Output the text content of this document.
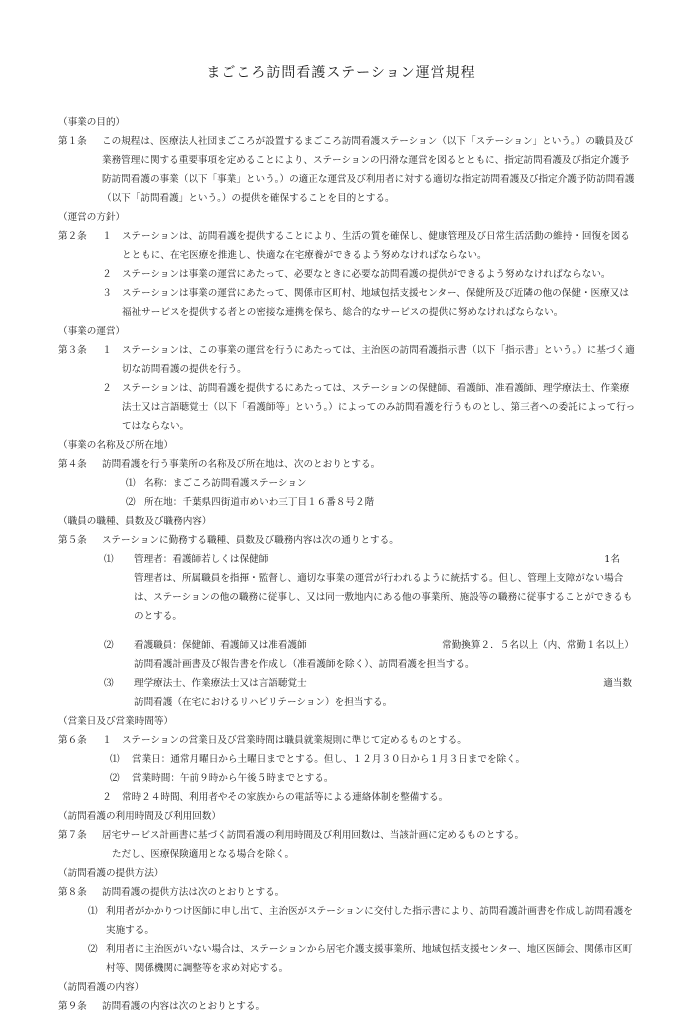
まごころ訪問看護ステーション運営規程
（事業の目的）
第１条	この規程は、医療法人社団まごころが設置するまごころ訪問看護ステーション（以下「ステーション」という。）の職員及び業務管理に関する重要事項を定めることにより、ステーションの円滑な運営を図るとともに、指定訪問看護及び指定介護予防訪問看護の事業（以下「事業」という。）の適正な運営及び利用者に対する適切な指定訪問看護及び指定介護予防訪問看護（以下「訪問看護」という。）の提供を確保することを目的とする。
（運営の方針）
第２条	１	ステーションは、訪問看護を提供することにより、生活の質を確保し、健康管理及び日常生活活動の維持・回復を図るとともに、在宅医療を推進し、快適な在宅療養ができるよう努めなければならない。
２	ステーションは事業の運営にあたって、必要なときに必要な訪問看護の提供ができるよう努めなければならない。
３	ステーションは事業の運営にあたって、関係市区町村、地域包括支援センター、保健所及び近隣の他の保健・医療又は福祉サービスを提供する者との密接な連携を保ち、総合的なサービスの提供に努めなければならない。
（事業の運営）
第３条	１	ステーションは、この事業の運営を行うにあたっては、主治医の訪問看護指示書（以下「指示書」という。）に基づく適切な訪問看護の提供を行う。
２	ステーションは、訪問看護を提供するにあたっては、ステーションの保健師、看護師、准看護師、理学療法士、作業療法士又は言語聴覚士（以下「看護師等」という。）によってのみ訪問看護を行うものとし、第三者への委託によって行ってはならない。
（事業の名称及び所在地）
第４条	訪問看護を行う事業所の名称及び所在地は、次のとおりとする。
⑴ 名称：まごころ訪問看護ステーション
⑵ 所在地：千葉県四街道市めいわ三丁目１６番８号２階
（職員の職種、員数及び職務内容）
第５条	ステーションに勤務する職種、員数及び職務内容は次の通りとする。
⑴	管理者：看護師若しくは保健師	1名
管理者は、所属職員を指揮・監督し、適切な事業の運営が行われるように統括する。但し、管理上支障がない場合は、ステーションの他の職務に従事し、又は同一敷地内にある他の事業所、施設等の職務に従事することができるものとする。
⑵	看護職員：保健師、看護師又は准看護師	常勤換算２．５名以上（内、常勤１名以上）
訪問看護計画書及び報告書を作成し（准看護師を除く）、訪問看護を担当する。
⑶	理学療法士、作業療法士又は言語聴覚士	適当数
訪問看護（在宅におけるリハビリテーション）を担当する。
（営業日及び営業時間等）
第６条	１	ステーションの営業日及び営業時間は職員就業規則に準じて定めるものとする。
⑴	営業日：通常月曜日から土曜日までとする。但し、１２月３０日から１月３日までを除く。
⑵	営業時間：午前９時から午後５時までとする。
２	常時２４時間、利用者やその家族からの電話等による連絡体制を整備する。
（訪問看護の利用時間及び利用回数）
第７条	居宅サービス計画書に基づく訪問看護の利用時間及び利用回数は、当該計画に定めるものとする。
ただし、医療保険適用となる場合を除く。
（訪問看護の提供方法）
第８条	訪問看護の提供方法は次のとおりとする。
⑴ 利用者がかかりつけ医師に申し出て、主治医がステーションに交付した指示書により、訪問看護計画書を作成し訪問看護を実施する。
⑵ 利用者に主治医がいない場合は、ステーションから居宅介護支援事業所、地域包括支援センター、地区医師会、関係市区町村等、関係機関に調整等を求め対応する。
（訪問看護の内容）
第９条	訪問看護の内容は次のとおりとする。
